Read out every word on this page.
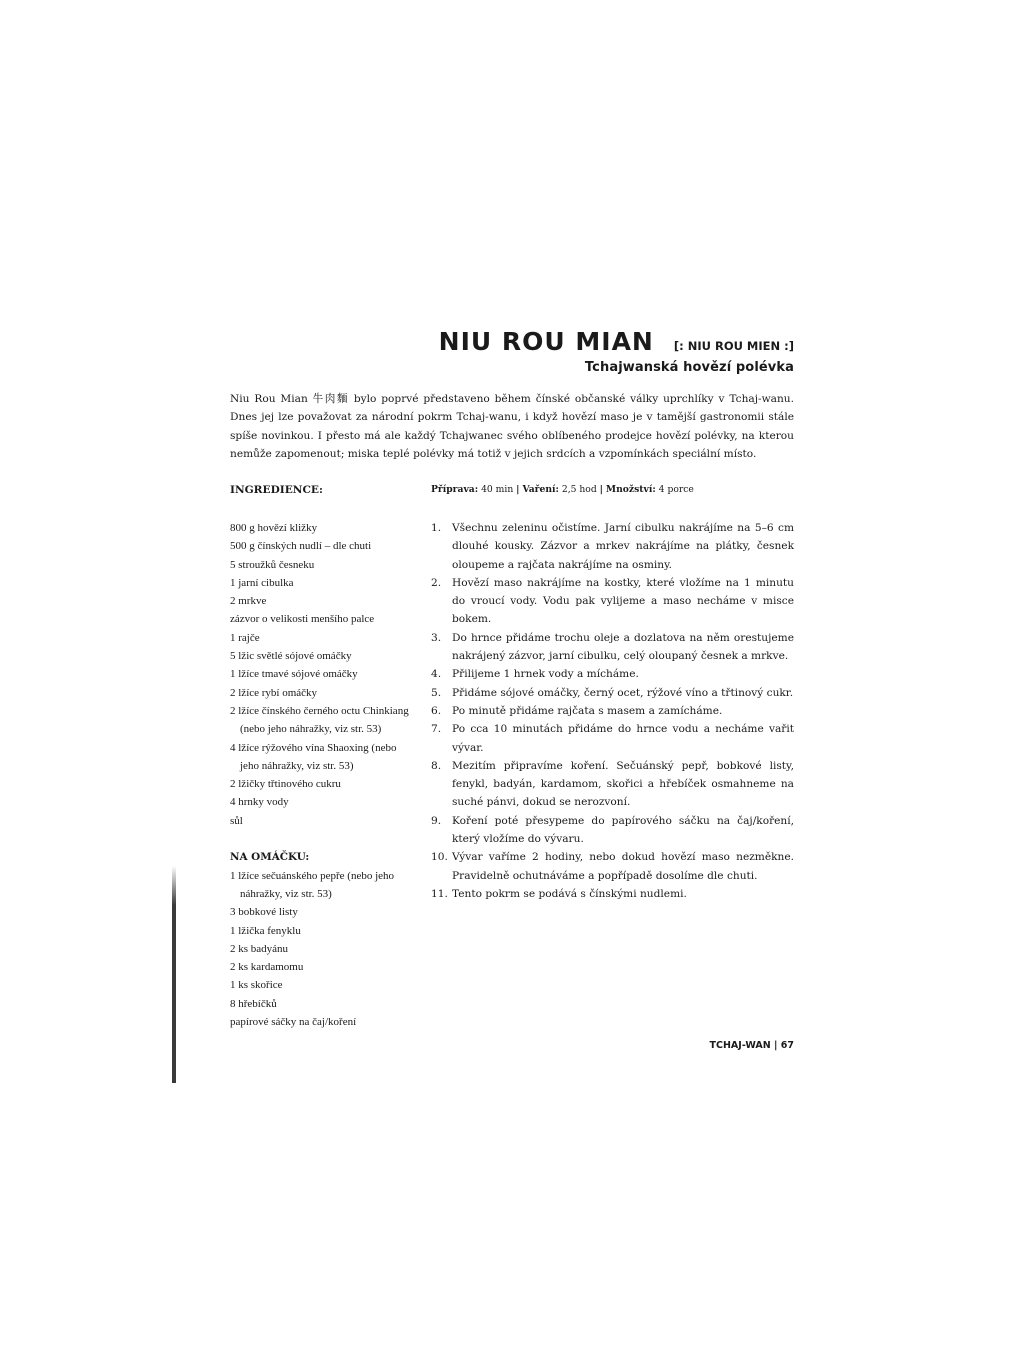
NIU ROU MIAN [: NIU ROU MIEN :]
Tchajwanská hovězí polévka

Niu Rou Mian 牛肉麵 bylo poprvé představeno během čínské občanské války uprchlíky v Tchaj-wanu. Dnes jej lze považovat za národní pokrm Tchaj-wanu, i když hovězí maso je v tamější gastronomii stále spíše novinkou. I přesto má ale každý Tchajwanec svého oblíbeného prodejce hovězí polévky, na kterou nemůže zapomenout; miska teplé polévky má totiž v jejich srdcích a vzpomínkách speciální místo.

INGREDIENCE:	Příprava: 40 min | Vaření: 2,5 hod | Množství: 4 porce
800 g hovězí kližky
500 g čínských nudlí – dle chuti
5 stroužků česneku
1 jarní cibulka
2 mrkve
zázvor o velikosti menšího palce
1 rajče
5 lžic světlé sójové omáčky
1 lžíce tmavé sójové omáčky
2 lžíce rybí omáčky
2 lžíce čínského černého octu Chinkiang (nebo jeho náhražky, viz str. 53)
4 lžíce rýžového vína Shaoxing (nebo jeho náhražky, viz str. 53)
2 lžičky třtinového cukru
4 hrnky vody
sůl
NA OMÁČKU:
1 lžíce sečuánského pepře (nebo jeho náhražky, viz str. 53)
3 bobkové listy
1 lžička fenyklu
2 ks badyánu
2 ks kardamomu
1 ks skořice
8 hřebíčků
papírové sáčky na čaj/koření
1.	Všechnu zeleninu očistíme. Jarní cibulku nakrájíme na 5–6 cm dlouhé kousky. Zázvor a mrkev nakrájíme na plátky, česnek oloupeme a rajčata nakrájíme na osminy.
2.	Hovězí maso nakrájíme na kostky, které vložíme na 1 minutu do vroucí vody. Vodu pak vylijeme a maso necháme v misce bokem.
3.	Do hrnce přidáme trochu oleje a dozlatova na něm orestujeme nakrájený zázvor, jarní cibulku, celý oloupaný česnek a mrkve.
4.	Přilijeme 1 hrnek vody a mícháme.
5.	Přidáme sójové omáčky, černý ocet, rýžové víno a třtinový cukr.
6.	Po minutě přidáme rajčata s masem a zamícháme.
7.	Po cca 10 minutách přidáme do hrnce vodu a necháme vařit vývar.
8.	Mezitím připravíme koření. Sečuánský pepř, bobkové listy, fenykl, badyán, kardamom, skořici a hřebíček osmahneme na suché pánvi, dokud se nerozvoní.
9.	Koření poté přesypeme do papírového sáčku na čaj/koření, který vložíme do vývaru.
10. Vývar vaříme 2 hodiny, nebo dokud hovězí maso nezměkne. Pravidelně ochutnáváme a popřípadě dosolíme dle chuti.
11. Tento pokrm se podává s čínskými nudlemi.
TCHAJ-WAN | 67
